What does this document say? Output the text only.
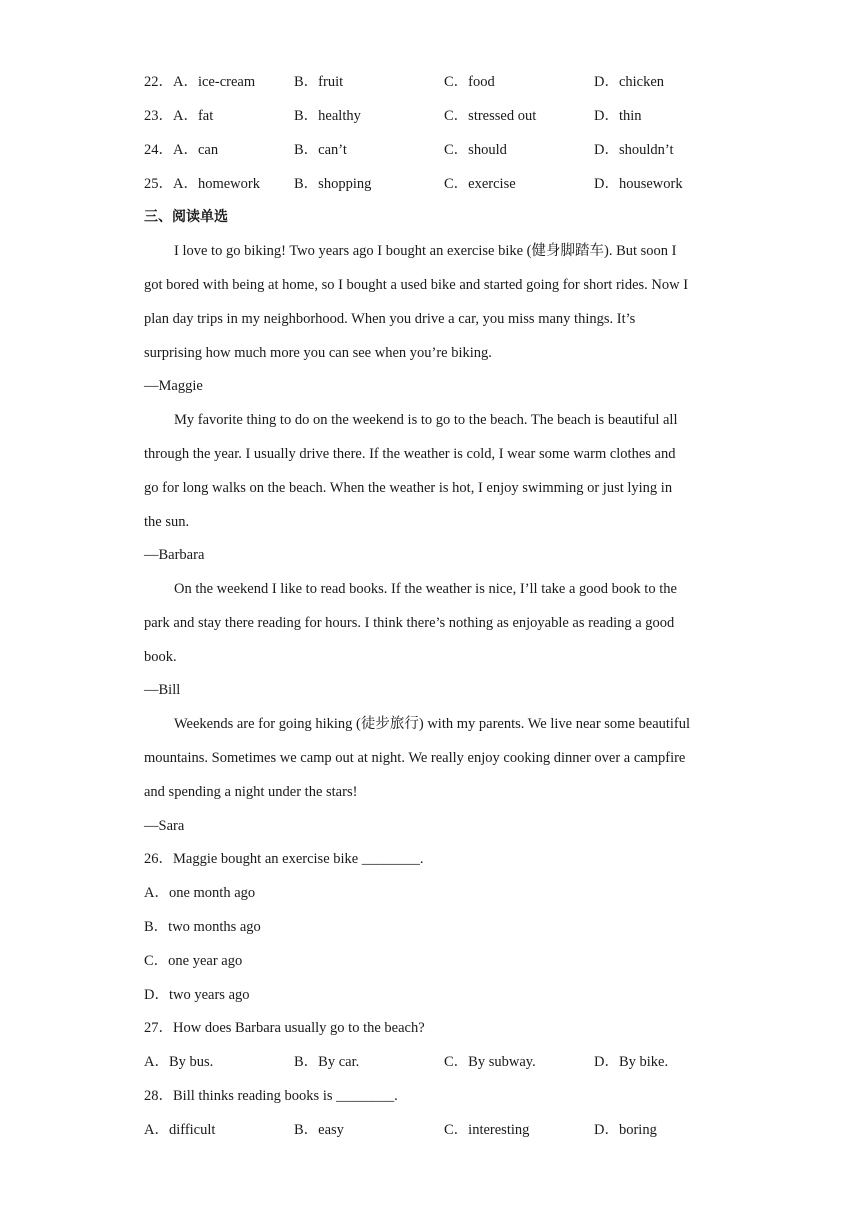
22．A．ice-cream	B．fruit	C．food	D．chicken
23．A．fat	B．healthy	C．stressed out	D．thin
24．A．can	B．can’t	C．should	D．shouldn’t
25．A．homework B．shopping	C．exercise	D．housework
三、阅读单选
I love to go biking! Two years ago I bought an exercise bike (健身脚踏车). But soon I
got bored with being at home, so I bought a used bike and started going for short rides. Now I
plan day trips in my neighborhood. When you drive a car, you miss many things. It’s
surprising how much more you can see when you’re biking.
—Maggie
My favorite thing to do on the weekend is to go to the beach. The beach is beautiful all
through the year. I usually drive there. If the weather is cold, I wear some warm clothes and
go for long walks on the beach. When the weather is hot, I enjoy swimming or just lying in
the sun.
—Barbara
On the weekend I like to read books. If the weather is nice, I’ll take a good book to the
park and stay there reading for hours. I think there’s nothing as enjoyable as reading a good
book.
—Bill
Weekends are for going hiking (徒步旅行) with my parents. We live near some beautiful
mountains. Sometimes we camp out at night. We really enjoy cooking dinner over a campfire
and spending a night under the stars!
—Sara
26．Maggie bought an exercise bike ________.
A．one month ago
B．two months ago
C．one year ago
D．two years ago
27．How does Barbara usually go to the beach?
A．By bus.	B．By car.	C．By subway.	D．By bike.
28．Bill thinks reading books is ________.
A．difficult	B．easy	C．interesting	D．boring
